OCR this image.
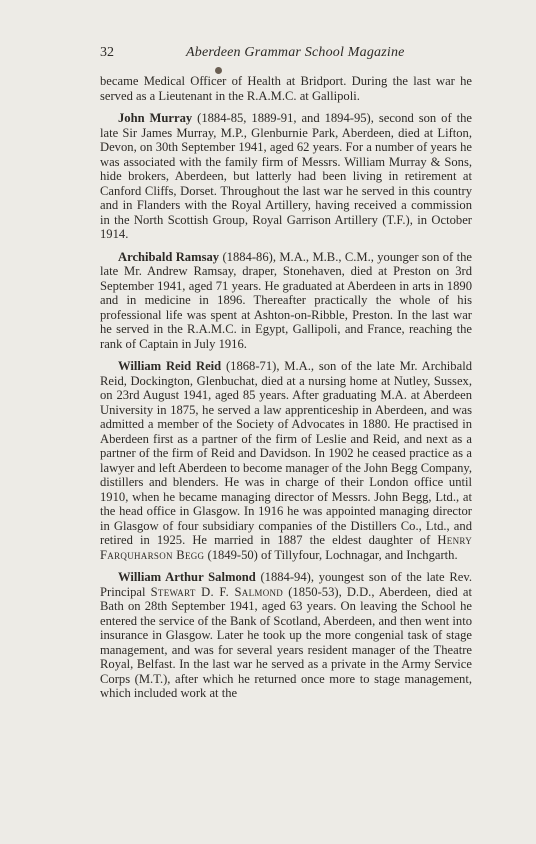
32	Aberdeen Grammar School Magazine

became Medical Officer of Health at Bridport. During the last war he served as a Lieutenant in the R.A.M.C. at Gallipoli.

John Murray (1884-85, 1889-91, and 1894-95), second son of the late Sir James Murray, M.P., Glenburnie Park, Aberdeen, died at Lifton, Devon, on 30th September 1941, aged 62 years. For a number of years he was associated with the family firm of Messrs. William Murray & Sons, hide brokers, Aberdeen, but latterly had been living in retirement at Canford Cliffs, Dorset. Throughout the last war he served in this country and in Flanders with the Royal Artillery, having received a commission in the North Scottish Group, Royal Garrison Artillery (T.F.), in October 1914.

Archibald Ramsay (1884-86), M.A., M.B., C.M., younger son of the late Mr. Andrew Ramsay, draper, Stonehaven, died at Preston on 3rd September 1941, aged 71 years. He graduated at Aberdeen in arts in 1890 and in medicine in 1896. Thereafter practically the whole of his professional life was spent at Ashton-on-Ribble, Preston. In the last war he served in the R.A.M.C. in Egypt, Gallipoli, and France, reaching the rank of Captain in July 1916.

William Reid Reid (1868-71), M.A., son of the late Mr. Archibald Reid, Dockington, Glenbuchat, died at a nursing home at Nutley, Sussex, on 23rd August 1941, aged 85 years. After graduating M.A. at Aberdeen University in 1875, he served a law apprenticeship in Aberdeen, and was admitted a member of the Society of Advocates in 1880. He practised in Aberdeen first as a partner of the firm of Leslie and Reid, and next as a partner of the firm of Reid and Davidson. In 1902 he ceased practice as a lawyer and left Aberdeen to become manager of the John Begg Company, distillers and blenders. He was in charge of their London office until 1910, when he became managing director of Messrs. John Begg, Ltd., at the head office in Glasgow. In 1916 he was appointed managing director in Glasgow of four subsidiary companies of the Distillers Co., Ltd., and retired in 1925. He married in 1887 the eldest daughter of Henry Farquharson Begg (1849-50) of Tillyfour, Lochnagar, and Inchgarth.

William Arthur Salmond (1884-94), youngest son of the late Rev. Principal Stewart D. F. Salmond (1850-53), D.D., Aberdeen, died at Bath on 28th September 1941, aged 63 years. On leaving the School he entered the service of the Bank of Scotland, Aberdeen, and then went into insurance in Glasgow. Later he took up the more congenial task of stage management, and was for several years resident manager of the Theatre Royal, Belfast. In the last war he served as a private in the Army Service Corps (M.T.), after which he returned once more to stage management, which included work at the
